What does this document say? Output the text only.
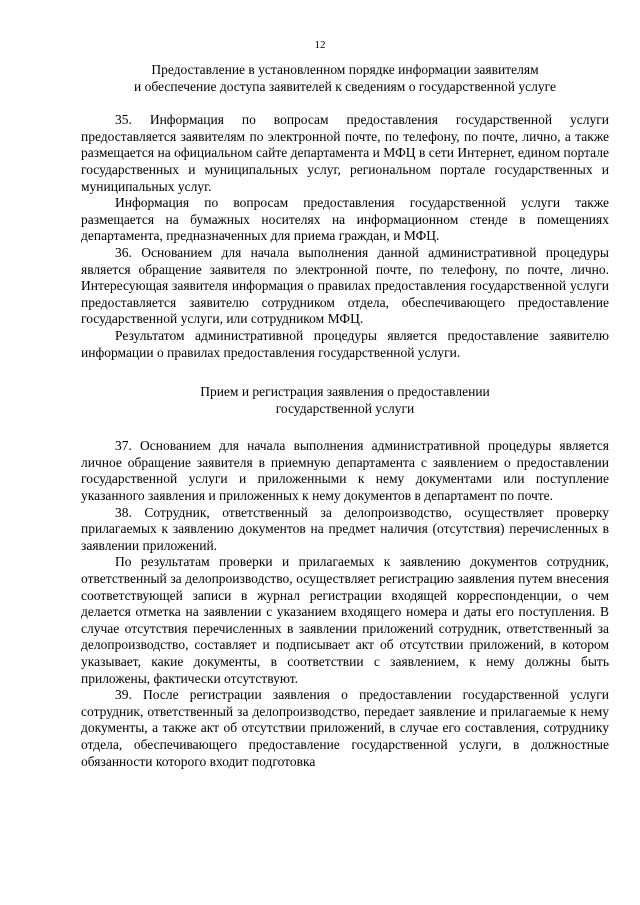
12
Предоставление в установленном порядке информации заявителям
и обеспечение доступа заявителей к сведениям о государственной услуге

35. Информация по вопросам предоставления государственной услуги предоставляется заявителям по электронной почте, по телефону, по почте, лично, а также размещается на официальном сайте департамента и МФЦ в сети Интернет, едином портале государственных и муниципальных услуг, региональном портале государственных и муниципальных услуг.

Информация по вопросам предоставления государственной услуги также размещается на бумажных носителях на информационном стенде в помещениях департамента, предназначенных для приема граждан, и МФЦ.

36. Основанием для начала выполнения данной административной процедуры является обращение заявителя по электронной почте, по телефону, по почте, лично. Интересующая заявителя информация о правилах предоставления государственной услуги предоставляется заявителю сотрудником отдела, обеспечивающего предоставление государственной услуги, или сотрудником МФЦ.

Результатом административной процедуры является предоставление заявителю информации о правилах предоставления государственной услуги.

Прием и регистрация заявления о предоставлении
государственной услуги

37. Основанием для начала выполнения административной процедуры является личное обращение заявителя в приемную департамента с заявлением о предоставлении государственной услуги и приложенными к нему документами или поступление указанного заявления и приложенных к нему документов в департамент по почте.

38. Сотрудник, ответственный за делопроизводство, осуществляет проверку прилагаемых к заявлению документов на предмет наличия (отсутствия) перечисленных в заявлении приложений.

По результатам проверки и прилагаемых к заявлению документов сотрудник, ответственный за делопроизводство, осуществляет регистрацию заявления путем внесения соответствующей записи в журнал регистрации входящей корреспонденции, о чем делается отметка на заявлении с указанием входящего номера и даты его поступления. В случае отсутствия перечисленных в заявлении приложений сотрудник, ответственный за делопроизводство, составляет и подписывает акт об отсутствии приложений, в котором указывает, какие документы, в соответствии с заявлением, к нему должны быть приложены, фактически отсутствуют.

39. После регистрации заявления о предоставлении государственной услуги сотрудник, ответственный за делопроизводство, передает заявление и прилагаемые к нему документы, а также акт об отсутствии приложений, в случае его составления, сотруднику отдела, обеспечивающего предоставление государственной услуги, в должностные обязанности которого входит подготовка
